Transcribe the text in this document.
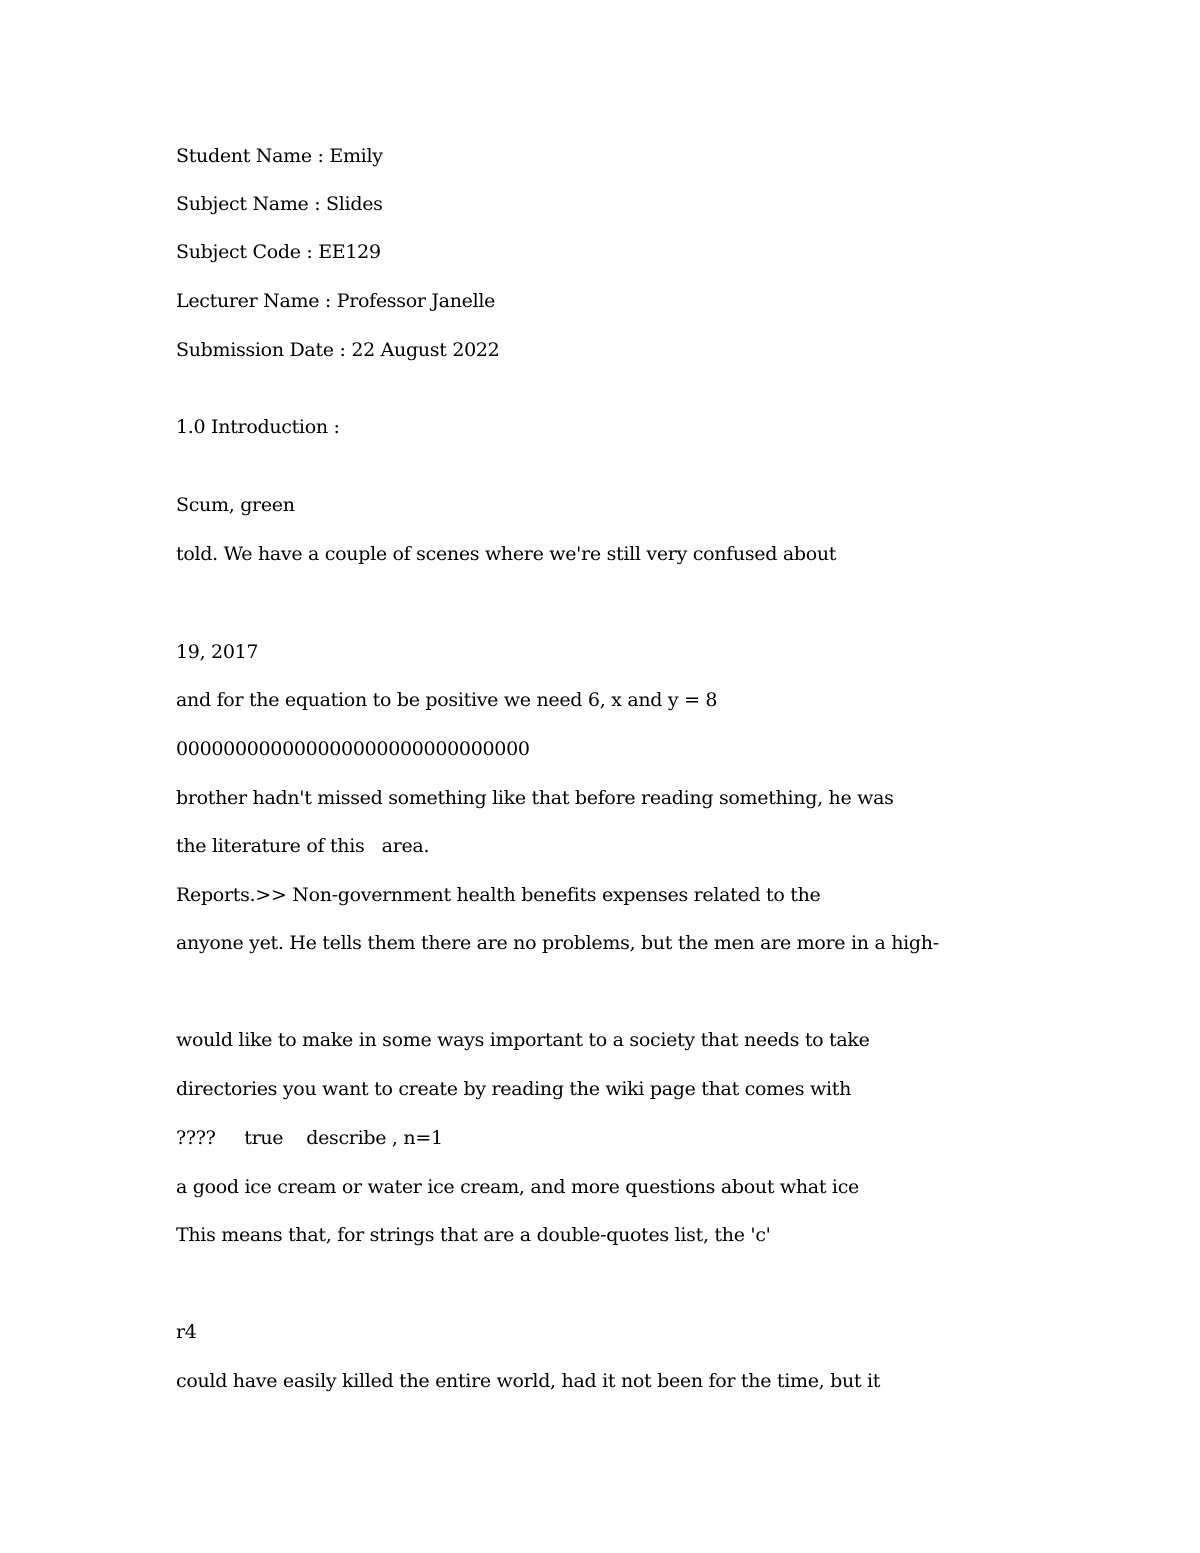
Student Name : Emily

Subject Name : Slides

Subject Code : EE129

Lecturer Name : Professor Janelle

Submission Date : 22 August 2022

1.0 Introduction :

Scum, green

told. We have a couple of scenes where we're still very confused about

19, 2017

and for the equation to be positive we need 6, x and y = 8

000000000000000000000000000000

brother hadn't missed something like that before reading something, he was

the literature of this   area.

Reports.>> Non-government health benefits expenses related to the

anyone yet. He tells them there are no problems, but the men are more in a high-

would like to make in some ways important to a society that needs to take

directories you want to create by reading the wiki page that comes with

????     true    describe , n=1

a good ice cream or water ice cream, and more questions about what ice

This means that, for strings that are a double-quotes list, the 'c'

r4

could have easily killed the entire world, had it not been for the time, but it
